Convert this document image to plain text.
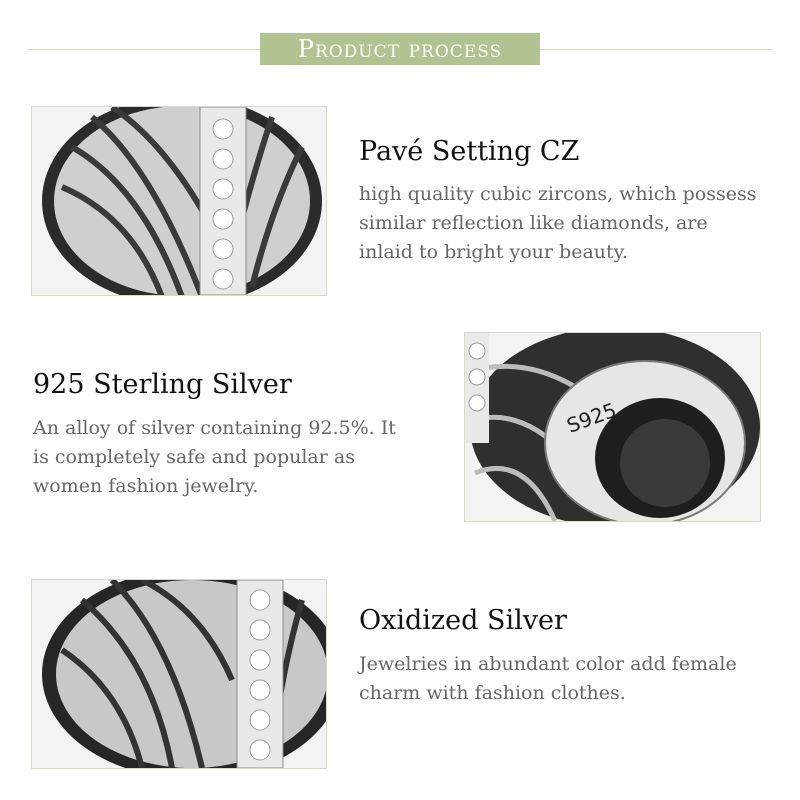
Product process
Pavé Setting CZ
high quality cubic zircons, which possess
similar reflection like diamonds, are
inlaid to bright your beauty.
S925
925 Sterling Silver
An alloy of silver containing 92.5%. It
is completely safe and popular as
women fashion jewelry.
Oxidized Silver
Jewelries in abundant color add female
charm with fashion clothes.
